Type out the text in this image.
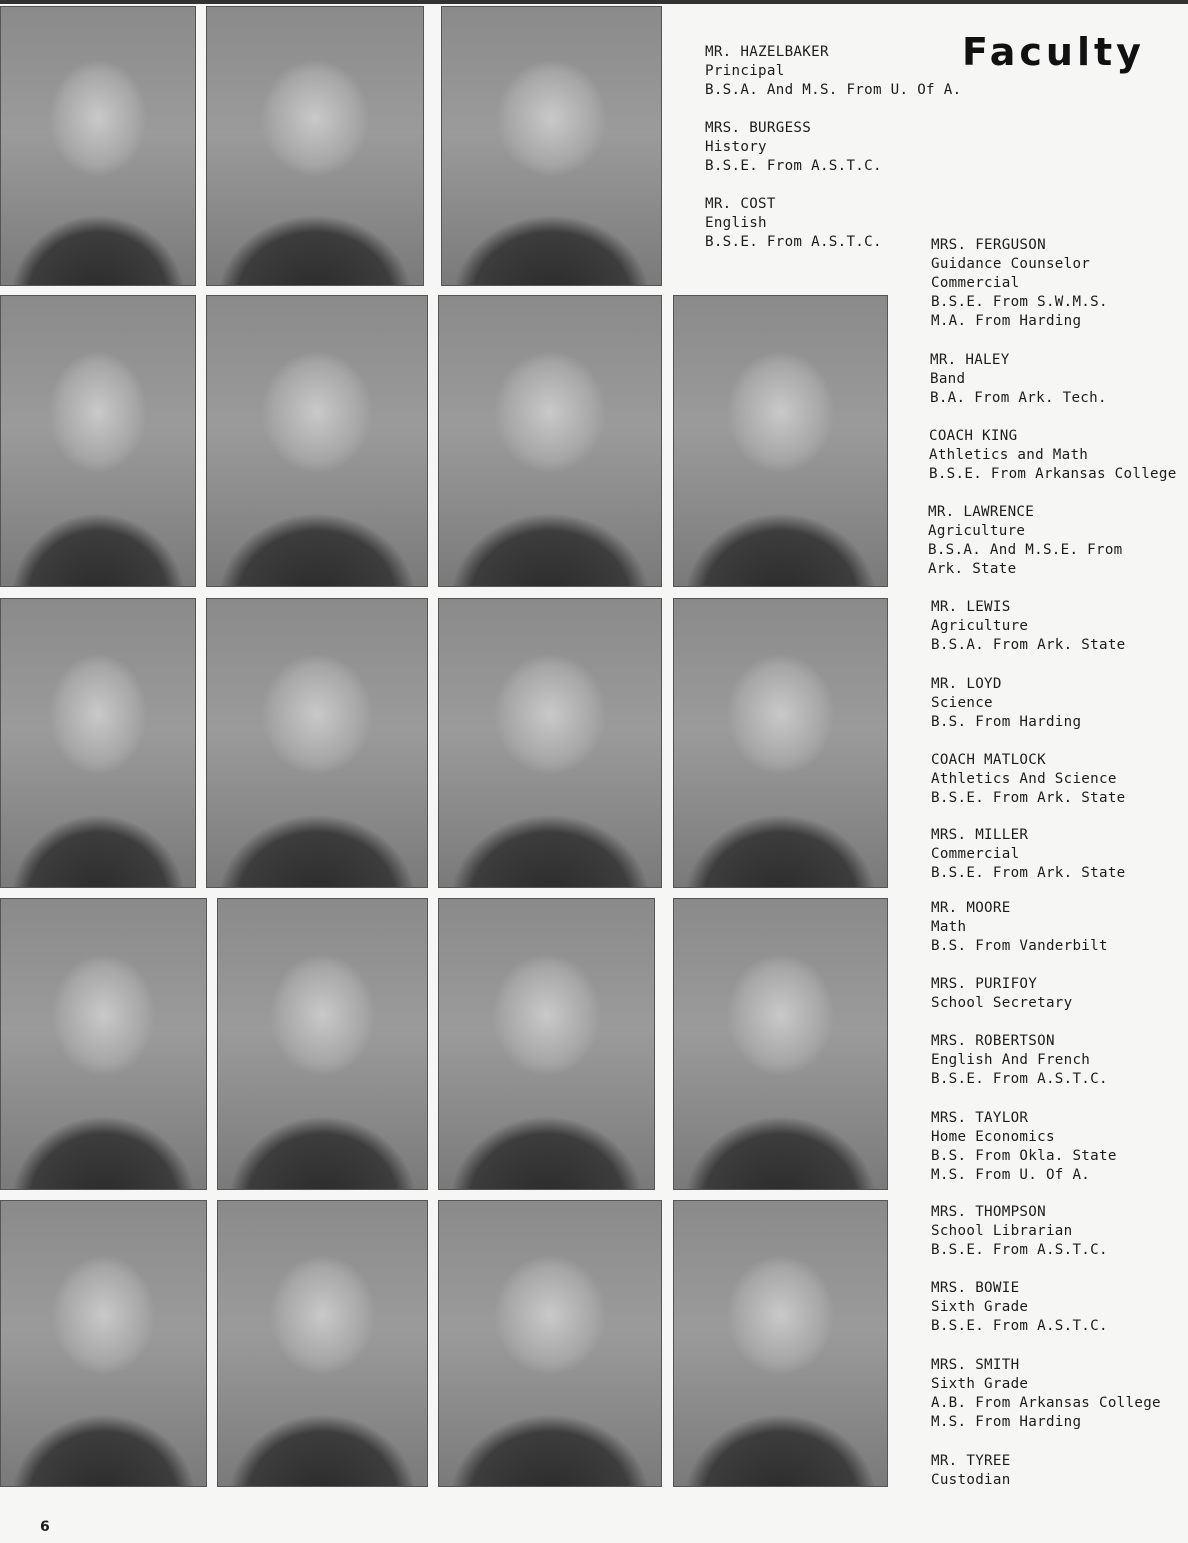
Faculty
MR. HAZELBAKER
Principal
B.S.A. And M.S. From U. Of A.
MRS. BURGESS
History
B.S.E. From A.S.T.C.
MR. COST
English
B.S.E. From A.S.T.C.	MRS. FERGUSON
Guidance Counselor
Commercial
B.S.E. From S.W.M.S.
M.A. From Harding
MR. HALEY
Band
B.A. From Ark. Tech.
COACH KING
Athletics and Math
B.S.E. From Arkansas College
MR. LAWRENCE
Agriculture
B.S.A. And M.S.E. From
Ark. State
MR. LEWIS
Agriculture
B.S.A. From Ark. State
MR. LOYD
Science
B.S. From Harding
COACH MATLOCK
Athletics And Science
B.S.E. From Ark. State
MRS. MILLER
Commercial
B.S.E. From Ark. State
MR. MOORE
Math
B.S. From Vanderbilt
MRS. PURIFOY
School Secretary
MRS. ROBERTSON
English And French
B.S.E. From A.S.T.C.
MRS. TAYLOR
Home Economics
B.S. From Okla. State
M.S. From U. Of A.
MRS. THOMPSON
School Librarian
B.S.E. From A.S.T.C.
MRS. BOWIE
Sixth Grade
B.S.E. From A.S.T.C.
MRS. SMITH
Sixth Grade
A.B. From Arkansas College
M.S. From Harding
MR. TYREE
Custodian
6
